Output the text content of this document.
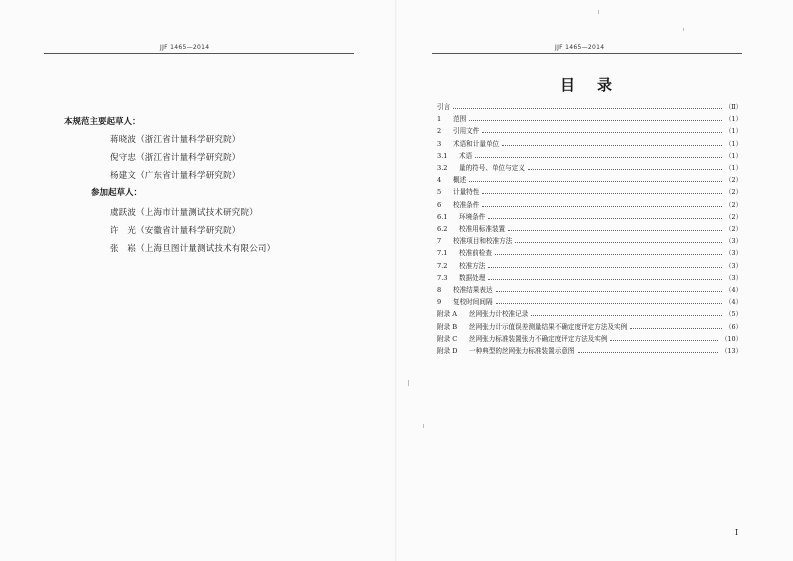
JJF 1465—2014
本规范主要起草人：
蒋晓波（浙江省计量科学研究院）
倪守忠（浙江省计量科学研究院）
杨建文（广东省计量科学研究院）
参加起草人：
虞跃波（上海市计量测试技术研究院）
许　光（安徽省计量科学研究院）
张　崧（上海旦图计量测试技术有限公司）
JJF 1465—2014
目录
引言	（Ⅱ）
1	范围	（1）
2	引用文件	（1）
3	术语和计量单位	（1）
3.1	术语	（1）
3.2	量的符号、单位与定义	（1）
4	概述	（2）
5	计量特性	（2）
6	校准条件	（2）
6.1	环境条件	（2）
6.2	校准用标准装置	（2）
7	校准项目和校准方法	（3）
7.1	校准前检查	（3）
7.2	校准方法	（3）
7.3	数据处理	（3）
8	校准结果表达	（4）
9	复校时间间隔	（4）
附录 A	丝网张力计校准记录	（5）
附录 B	丝网张力计示值误差测量结果不确定度评定方法及实例	（6）
附录 C	丝网张力标准装置张力不确定度评定方法及实例	（10）
附录 D	一种典型的丝网张力标准装置示意图	（13）
I
